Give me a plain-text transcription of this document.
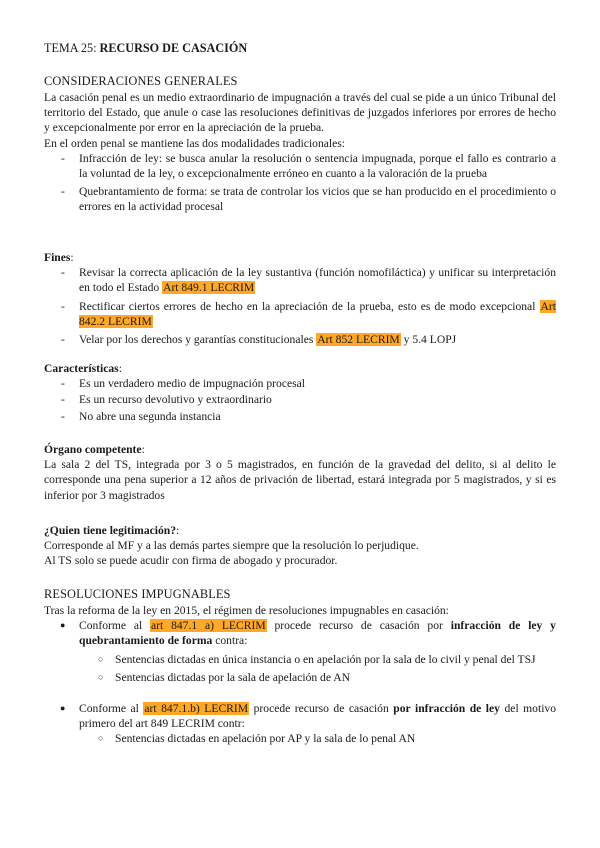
TEMA 25: RECURSO DE CASACIÓN
CONSIDERACIONES GENERALES

La casación penal es un medio extraordinario de impugnación a través del cual se pide a un único Tribunal del territorio del Estado, que anule o case las resoluciones definitivas de juzgados inferiores por errores de hecho y excepcionalmente por error en la apreciación de la prueba.

En el orden penal se mantiene las dos modalidades tradicionales:

- Infracción de ley: se busca anular la resolución o sentencia impugnada, porque el fallo es contrario a la voluntad de la ley, o excepcionalmente erróneo en cuanto a la valoración de la prueba
- Quebrantamiento de forma: se trata de controlar los vicios que se han producido en el procedimiento o errores en la actividad procesal
Fines:
- Revisar la correcta aplicación de la ley sustantiva (función nomofiláctica) y unificar su interpretación en todo el Estado Art 849.1 LECRIM
- Rectificar ciertos errores de hecho en la apreciación de la prueba, esto es de modo excepcional Art 842.2 LECRIM
- Velar por los derechos y garantías constitucionales Art 852 LECRIM y 5.4 LOPJ
Características:
- Es un verdadero medio de impugnación procesal
- Es un recurso devolutivo y extraordinario
- No abre una segunda instancia
Órgano competente:

La sala 2 del TS, integrada por 3 o 5 magistrados, en función de la gravedad del delito, si al delito le corresponde una pena superior a 12 años de privación de libertad, estará integrada por 5 magistrados, y si es inferior por 3 magistrados

¿Quien tiene legitimación?:

Corresponde al MF y a las demás partes siempre que la resolución lo perjudique.

Al TS solo se puede acudir con firma de abogado y procurador.

RESOLUCIONES IMPUGNABLES

Tras la reforma de la ley en 2015, el régimen de resoluciones impugnables en casación:

● Conforme al art 847.1 a) LECRIM procede recurso de casación por infracción de ley y quebrantamiento de forma contra:
○ Sentencias dictadas en única instancia o en apelación por la sala de lo civil y penal del TSJ
○ Sentencias dictadas por la sala de apelación de AN
● Conforme al art 847.1.b) LECRIM procede recurso de casación por infracción de ley del motivo primero del art 849 LECRIM contr:
○ Sentencias dictadas en apelación por AP y la sala de lo penal AN
